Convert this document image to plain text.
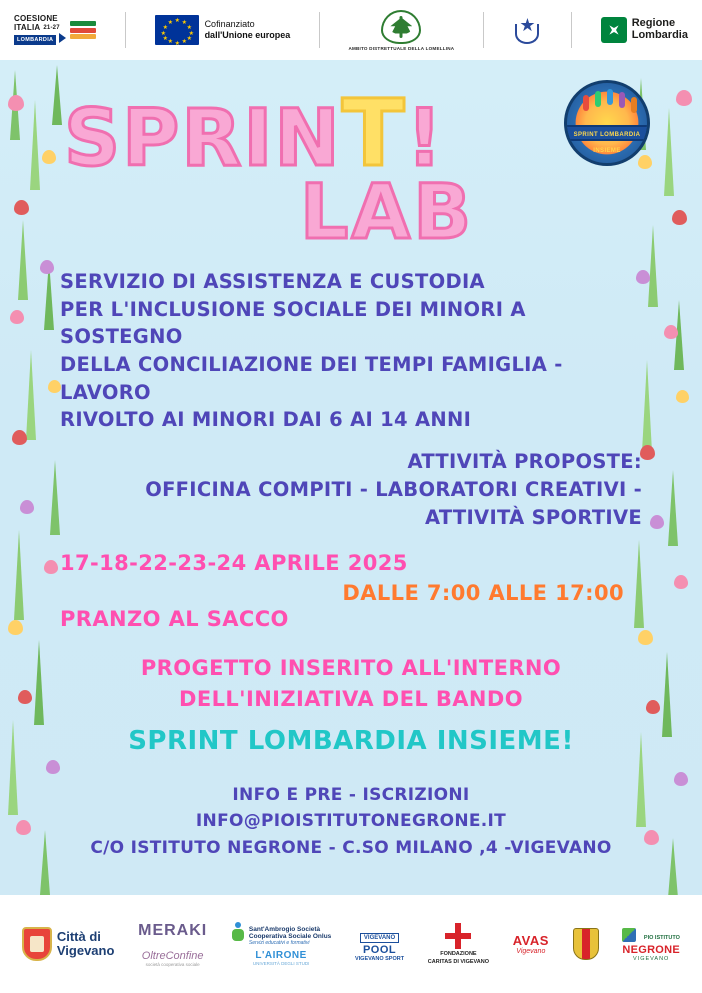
COESIONE
ITALIA 21-27
LOMBARDIA
★ ★
★
★
★
★
★
★
★
★
★
★	Cofinanziato
dall'Unione europea
AMBITO DISTRETTUALE DELLA LOMELLINA
★	Regione
Lombardia
SPRINT!
LAB
SPRINT LOMBARDIA INSIEME
SERVIZIO DI ASSISTENZA E CUSTODIA
PER L'INCLUSIONE SOCIALE DEI MINORI A SOSTEGNO
DELLA CONCILIAZIONE DEI TEMPI FAMIGLIA - LAVORO
RIVOLTO AI MINORI DAI 6 AI 14 ANNI
ATTIVITÀ PROPOSTE:
OFFICINA COMPITI - LABORATORI CREATIVI -
ATTIVITÀ SPORTIVE
17-18-22-23-24 APRILE 2025
DALLE 7:00 ALLE 17:00
PRANZO AL SACCO
PROGETTO INSERITO ALL'INTERNO
DELL'INIZIATIVA DEL BANDO
SPRINT LOMBARDIA INSIEME!
INFO E PRE - ISCRIZIONI
INFO@PIOISTITUTONEGRONE.IT
C/O ISTITUTO NEGRONE - C.SO MILANO ,4 -VIGEVANO
Città di
Vigevano
MERAKI
OltreConfine
società cooperativa sociale
Sant'Ambrogio Società
Cooperativa Sociale Onlus
Servizi educativi e formativi
L'AIRONE
UNIVERSITÀ DEGLI STUDI
VIGEVANO
POOL
VIGEVANO SPORT
FONDAZIONE
CARITAS DI VIGEVANO
AVAS
Vigevano
PIO ISTITUTO
NEGRONE
VIGEVANO
